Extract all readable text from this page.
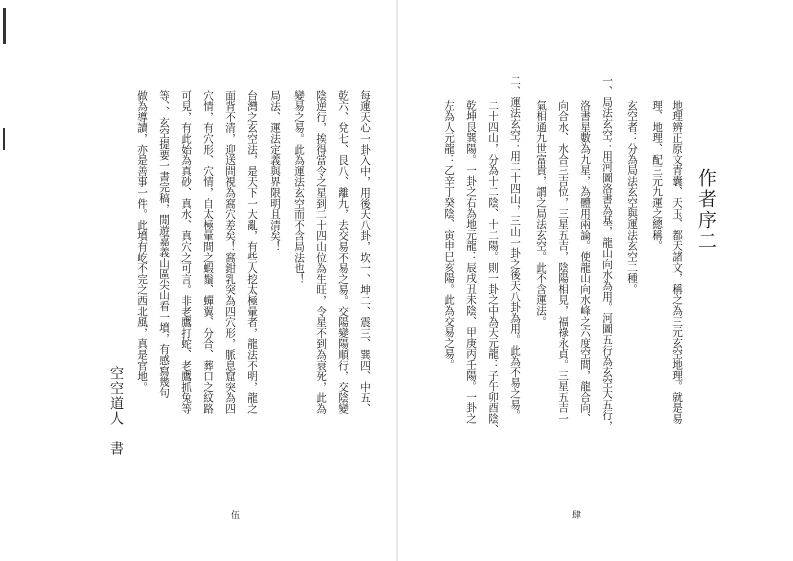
作者序二
地理辨正原文青囊、天玉、都天諸文，稱之為三元玄空地理。就是易
理、地理、配三元九運之總稱。
玄空者：分為局法玄空與運法玄空二種。
一、局法玄空：用河圖洛書為基，龍山向水為用。河圖五行為玄空大五行，
洛書星數為九星，為體用兩論。使龍山向水峰之六度空間，龍合向、
向合水、水合三吉位，三星五吉，陰陽相見，福祿永貞。三星五吉一
氣相通九世富貴，謂之局法玄空。此不含運法。
二、運法玄空：用二十四山，三山一卦之後天八卦為用。此為不易之易。
二十四山，分為十二陰、十二陽。則一卦之中為天元龍：子午卯酉陰、
乾坤艮巽陽。一卦之右為地元龍：辰戌丑未陰、甲庚丙壬陽。一卦之
左為人元龍：乙辛丁癸陰、寅申巳亥陽。此為交易之易。
肆
每運天心一卦入中，用後天八卦，坎一、坤二、震三、巽四、中五、
乾六、兌七、艮八、離九，去交易不易之易。交陽變陽順行，交陰變
陰逆行，挨得當令之星到二十四山位為生旺，令星不到為衰死，此為
變易之易。此為運法玄空而不含局法也！
局法、運法定義與界限明且清矣！
台灣之玄空法，是天下一大亂，有些人挖太極暈者，龍法不明，龍之
面背不清，迎送問視為窩穴差矣！窩鉗乳突為四穴形，脈息窟突為四
穴情，有穴形、穴情，自太極暈間之蝦鬚、蟬翼、分合、葬口之紋路
可見，有此始為真砂、真水、真穴之可言。非老鷹打蛇、老鷹抓兔等
等、、玄空提要一書完稿，閒遊嘉義山區尖山看一墳，有感寫幾句
做為導讀，亦是善事一件。此墳有屹不完之西北風，真是官地。
空空道人　書
伍
